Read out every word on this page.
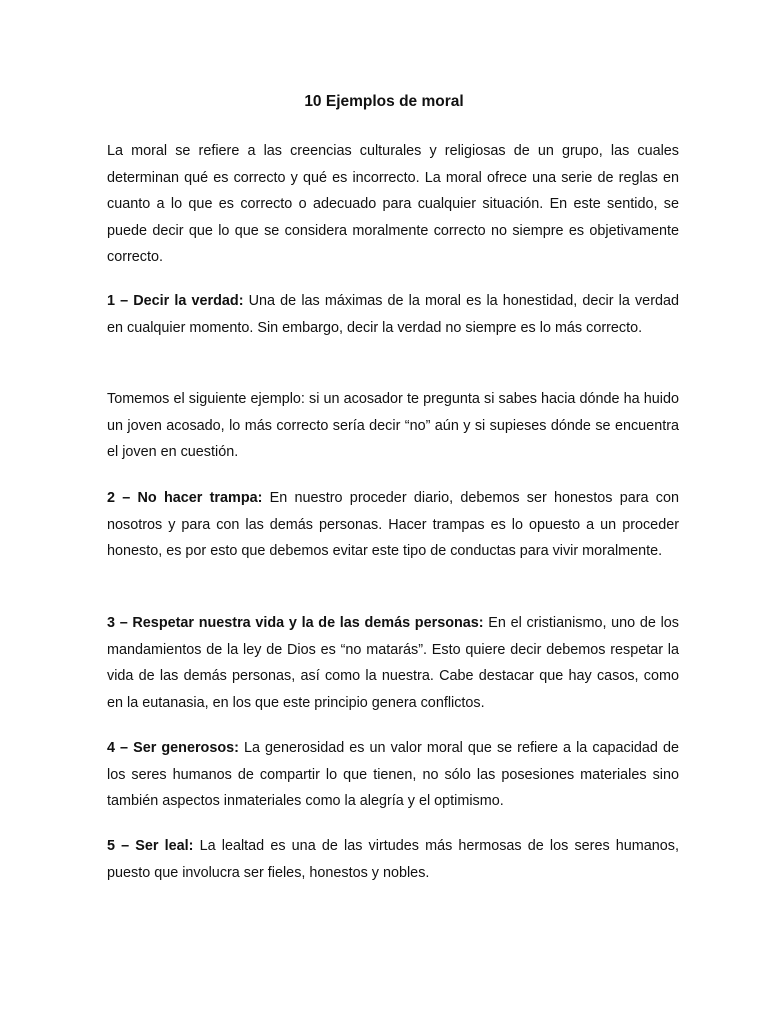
10 Ejemplos de moral

La moral se refiere a las creencias culturales y religiosas de un grupo, las cuales determinan qué es correcto y qué es incorrecto. La moral ofrece una serie de reglas en cuanto a lo que es correcto o adecuado para cualquier situación. En este sentido, se puede decir que lo que se considera moralmente correcto no siempre es objetivamente correcto.

1 – Decir la verdad: Una de las máximas de la moral es la honestidad, decir la verdad en cualquier momento. Sin embargo, decir la verdad no siempre es lo más correcto.

Tomemos el siguiente ejemplo: si un acosador te pregunta si sabes hacia dónde ha huido un joven acosado, lo más correcto sería decir “no” aún y si supieses dónde se encuentra el joven en cuestión.

2 – No hacer trampa: En nuestro proceder diario, debemos ser honestos para con nosotros y para con las demás personas. Hacer trampas es lo opuesto a un proceder honesto, es por esto que debemos evitar este tipo de conductas para vivir moralmente.

3 – Respetar nuestra vida y la de las demás personas: En el cristianismo, uno de los mandamientos de la ley de Dios es “no matarás”. Esto quiere decir debemos respetar la vida de las demás personas, así como la nuestra. Cabe destacar que hay casos, como en la eutanasia, en los que este principio genera conflictos.

4 – Ser generosos: La generosidad es un valor moral que se refiere a la capacidad de los seres humanos de compartir lo que tienen, no sólo las posesiones materiales sino también aspectos inmateriales como la alegría y el optimismo.

5 – Ser leal: La lealtad es una de las virtudes más hermosas de los seres humanos, puesto que involucra ser fieles, honestos y nobles.
